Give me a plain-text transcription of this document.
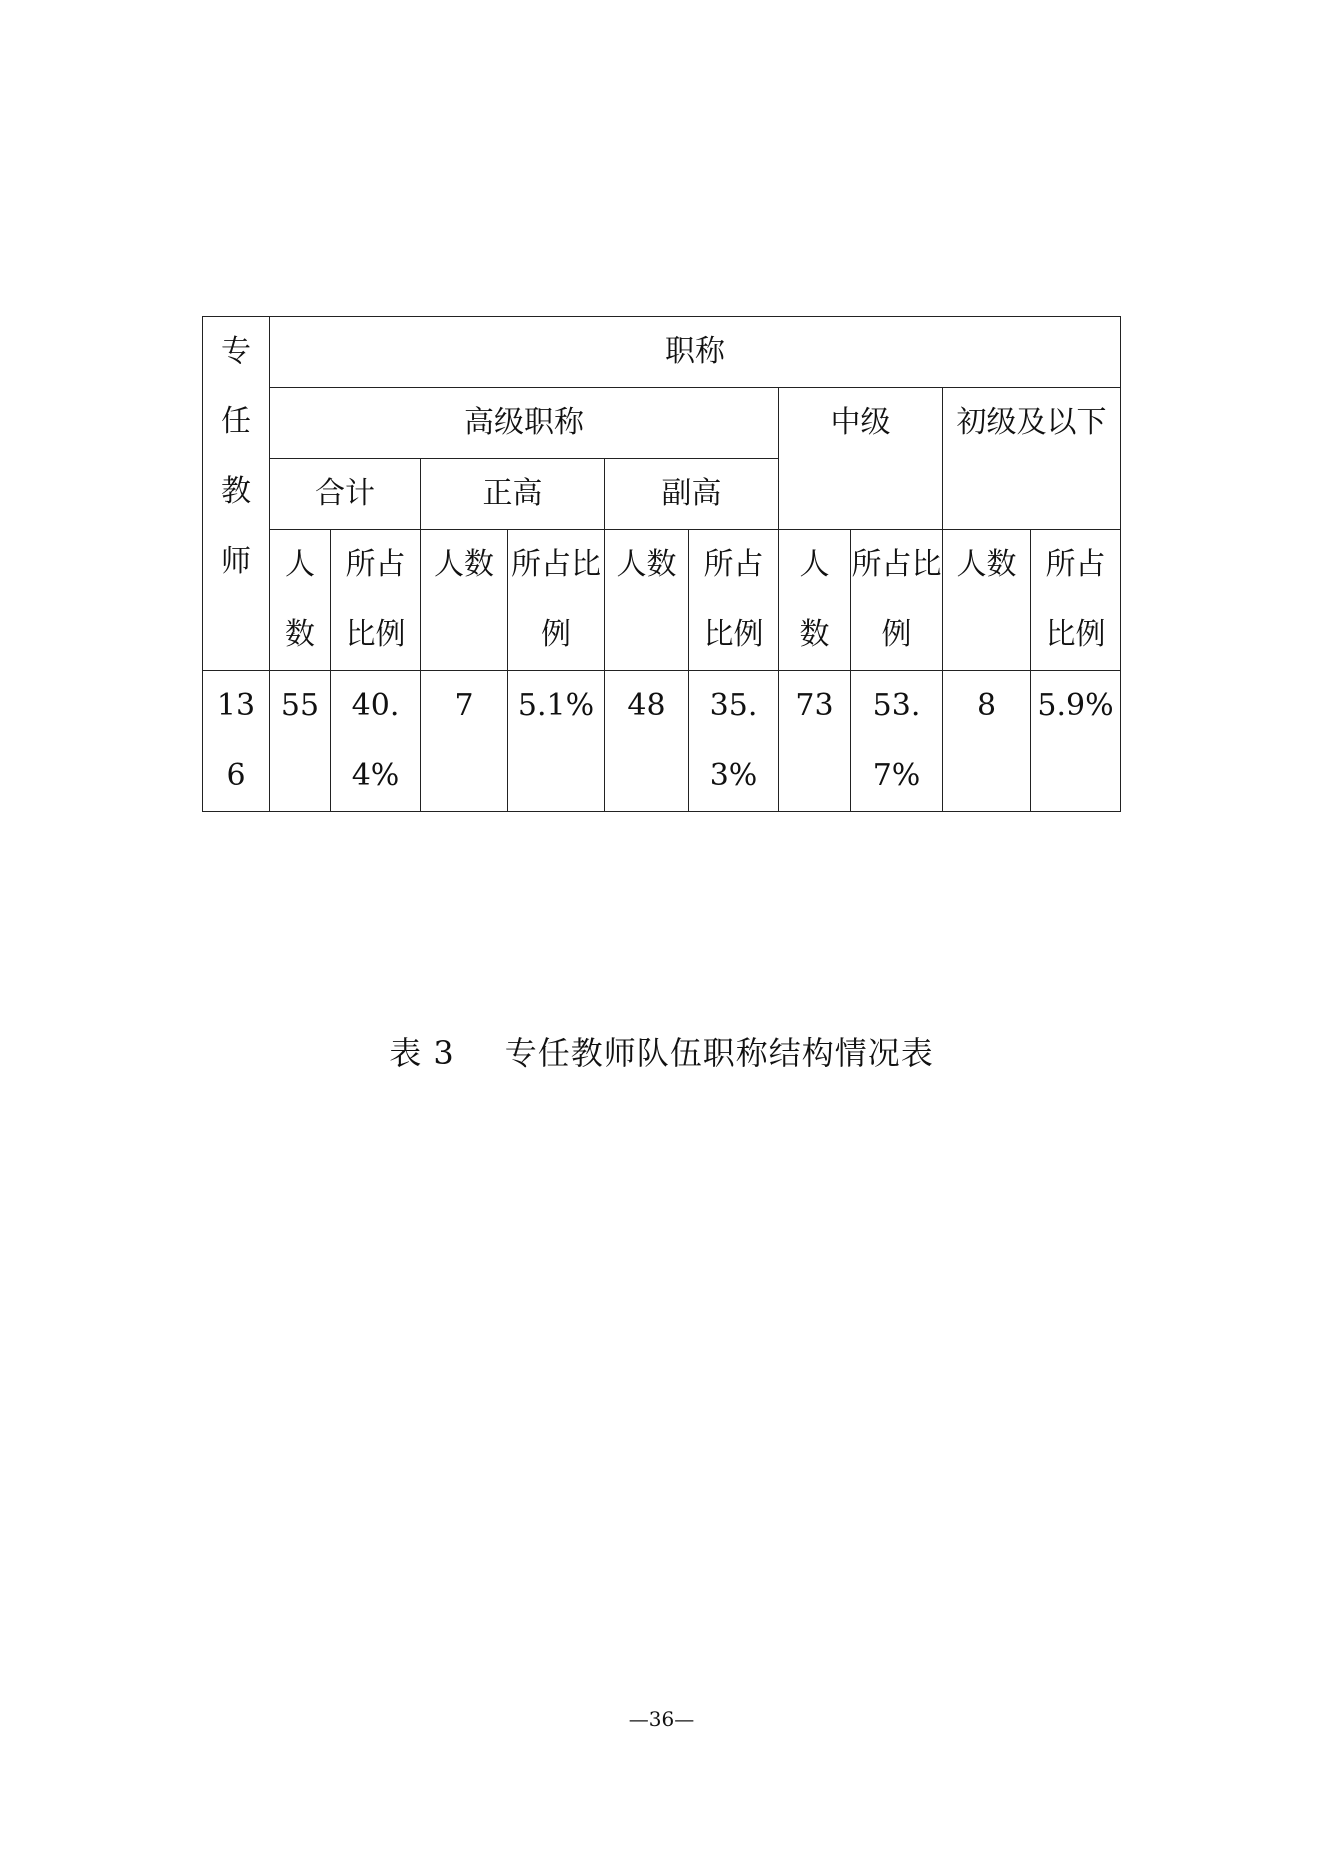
专任教师	职称									
	高级职称						中级		初级及以下	
	合计		正高		副高					
	人数	所占比例	人数	所占比例	人数	所占比例	人数	所占比例	人数	所占比例
136	55	40.4%	7	5.1%	48	35.3%	73	53.7%	8	5.9%
表 3 专任教师队伍职称结构情况表
—36—
